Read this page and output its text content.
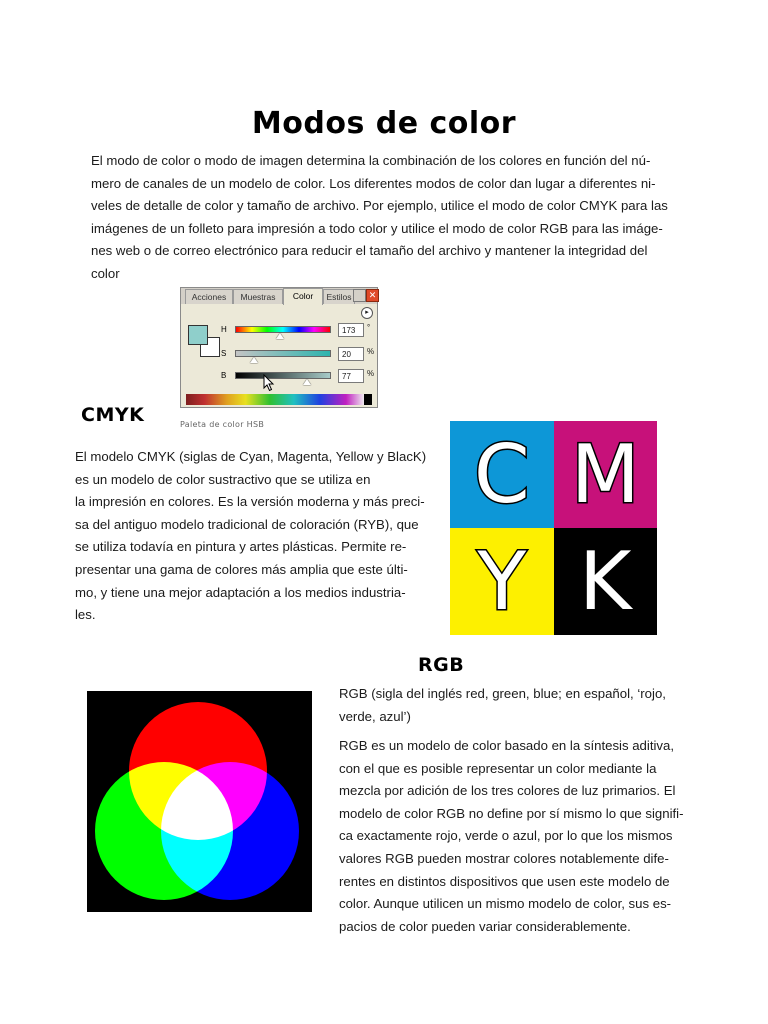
Modos de color
El modo de color o modo de imagen determina la combinación de los colores en función del nú-
mero de canales de un modelo de color. Los diferentes modos de color dan lugar a diferentes ni-
veles de detalle de color y tamaño de archivo. Por ejemplo, utilice el modo de color CMYK para las
imágenes de un folleto para impresión a todo color y utilice el modo de color RGB para las imáge-
nes web o de correo electrónico para reducir el tamaño del archivo y mantener la integridad del
color
Acciones	Muestras	Color	Estilos	✕
▸
H	173	°
S	20	%
B	77	%
Paleta de color HSB
CMYK
El modelo CMYK (siglas de Cyan, Magenta, Yellow y BlacK)
es un modelo de color sustractivo que se utiliza en
la impresión en colores. Es la versión moderna y más preci-
sa del antiguo modelo tradicional de coloración (RYB), que
se utiliza todavía en pintura y artes plásticas. Permite re-
presentar una gama de colores más amplia que este últi-
mo, y tiene una mejor adaptación a los medios industria-
les.
C M
Y K
RGB
RGB (sigla del inglés red, green, blue; en español, ‘rojo,
verde, azul’)
RGB es un modelo de color basado en la síntesis aditiva,
con el que es posible representar un color mediante la
mezcla por adición de los tres colores de luz primarios. El
modelo de color RGB no define por sí mismo lo que signifi-
ca exactamente rojo, verde o azul, por lo que los mismos
valores RGB pueden mostrar colores notablemente dife-
rentes en distintos dispositivos que usen este modelo de
color. Aunque utilicen un mismo modelo de color, sus es-
pacios de color pueden variar considerablemente.
